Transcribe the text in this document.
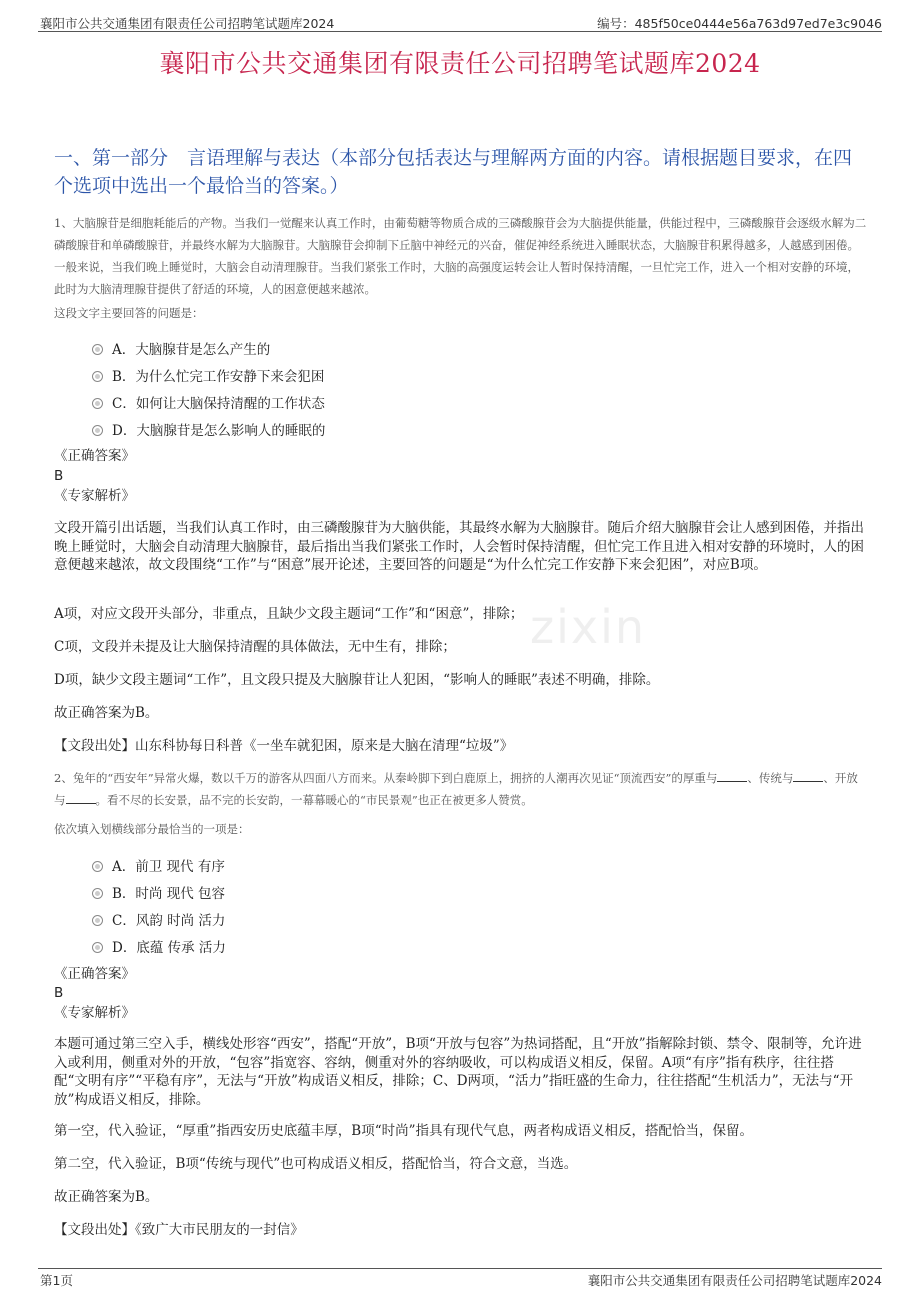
襄阳市公共交通集团有限责任公司招聘笔试题库2024	编号：485f50ce0444e56a763d97ed7e3c9046
襄阳市公共交通集团有限责任公司招聘笔试题库2024
一、第一部分　言语理解与表达（本部分包括表达与理解两方面的内容。请根据题目要求，在四个选项中选出一个最恰当的答案。）
1、大脑腺苷是细胞耗能后的产物。当我们一觉醒来认真工作时，由葡萄糖等物质合成的三磷酸腺苷会为大脑提供能量，供能过程中，三磷酸腺苷会逐级水解为二磷酸腺苷和单磷酸腺苷，并最终水解为大脑腺苷。大脑腺苷会抑制下丘脑中神经元的兴奋，催促神经系统进入睡眠状态，大脑腺苷积累得越多，人越感到困倦。一般来说，当我们晚上睡觉时，大脑会自动清理腺苷。当我们紧张工作时，大脑的高强度运转会让人暂时保持清醒，一旦忙完工作，进入一个相对安静的环境，此时为大脑清理腺苷提供了舒适的环境，人的困意便越来越浓。
这段文字主要回答的问题是：
A．大脑腺苷是怎么产生的
B．为什么忙完工作安静下来会犯困
C．如何让大脑保持清醒的工作状态
D．大脑腺苷是怎么影响人的睡眠的
《正确答案》
B
《专家解析》
文段开篇引出话题，当我们认真工作时，由三磷酸腺苷为大脑供能，其最终水解为大脑腺苷。随后介绍大脑腺苷会让人感到困倦，并指出晚上睡觉时，大脑会自动清理大脑腺苷，最后指出当我们紧张工作时，人会暂时保持清醒，但忙完工作且进入相对安静的环境时，人的困意便越来越浓，故文段围绕“工作”与“困意”展开论述，主要回答的问题是“为什么忙完工作安静下来会犯困”，对应B项。
A项，对应文段开头部分，非重点，且缺少文段主题词“工作”和“困意”，排除；
C项，文段并未提及让大脑保持清醒的具体做法，无中生有，排除；
D项，缺少文段主题词“工作”，且文段只提及大脑腺苷让人犯困，“影响人的睡眠”表述不明确，排除。
故正确答案为B。
【文段出处】山东科协每日科普《一坐车就犯困，原来是大脑在清理“垃圾”》
2、兔年的“西安年”异常火爆，数以千万的游客从四面八方而来。从秦岭脚下到白鹿原上，拥挤的人潮再次见证“顶流西安”的厚重与	、传统与	、开放与	。看不尽的长安景，品不完的长安韵，一幕幕暖心的“市民景观”也正在被更多人赞赏。
依次填入划横线部分最恰当的一项是：
A．前卫 现代 有序
B．时尚 现代 包容
C．风韵 时尚 活力
D．底蕴 传承 活力
《正确答案》
B
《专家解析》
本题可通过第三空入手，横线处形容“西安”，搭配“开放”，B项“开放与包容”为热词搭配，且“开放”指解除封锁、禁令、限制等，允许进入或利用，侧重对外的开放，“包容”指宽容、容纳，侧重对外的容纳吸收，可以构成语义相反，保留。A项“有序”指有秩序，往往搭配“文明有序”“平稳有序”，无法与“开放”构成语义相反，排除；C、D两项，“活力”指旺盛的生命力，往往搭配“生机活力”，无法与“开放”构成语义相反，排除。
第一空，代入验证，“厚重”指西安历史底蕴丰厚，B项“时尚”指具有现代气息，两者构成语义相反，搭配恰当，保留。
第二空，代入验证，B项“传统与现代”也可构成语义相反，搭配恰当，符合文意，当选。
故正确答案为B。
【文段出处】《致广大市民朋友的一封信》
zixin
第1页	襄阳市公共交通集团有限责任公司招聘笔试题库2024
